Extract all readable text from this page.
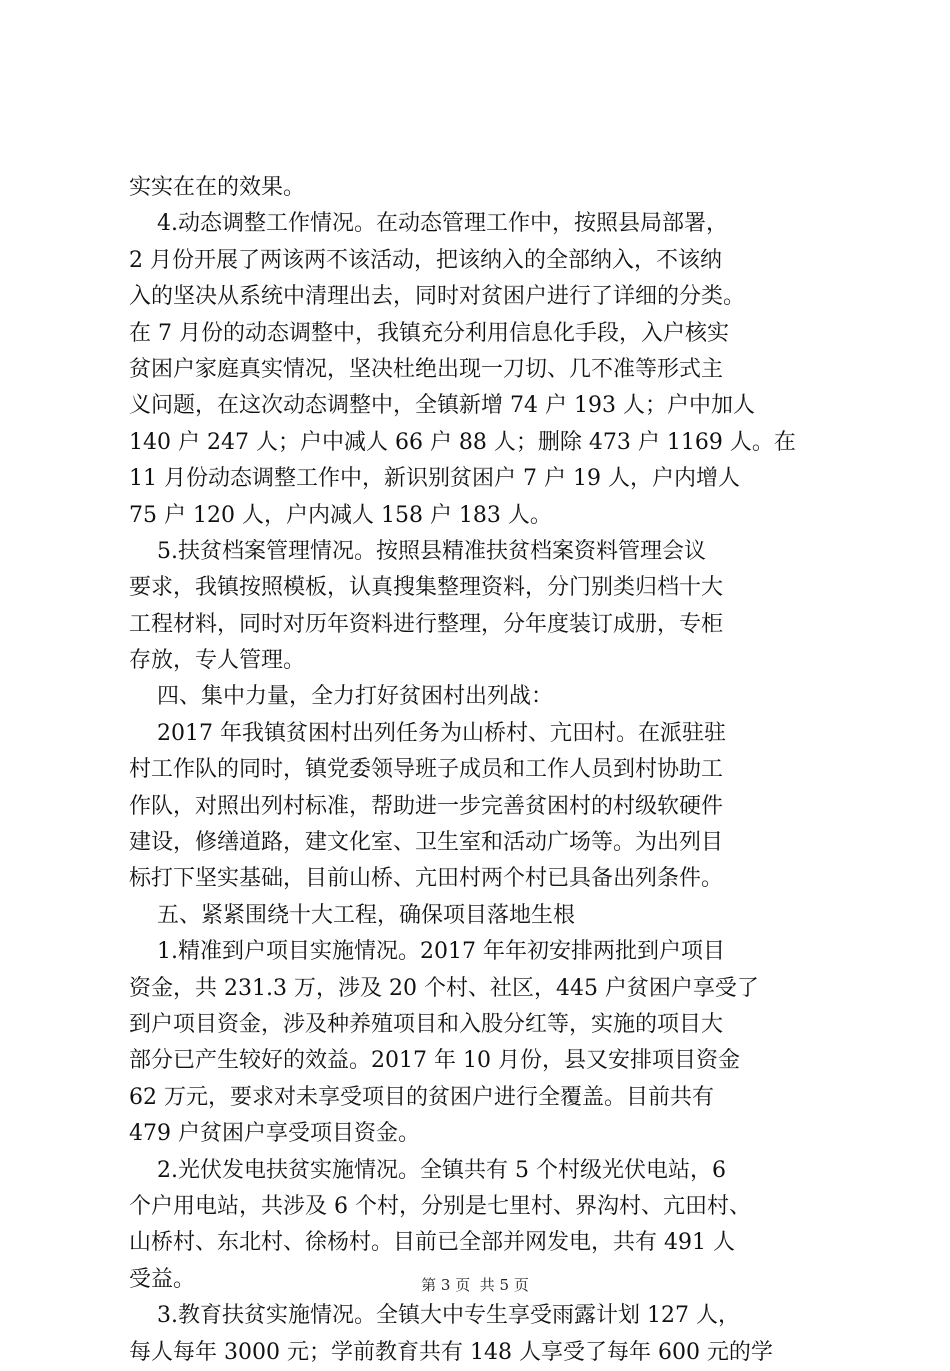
实实在在的效果。
4.动态调整工作情况。在动态管理工作中，按照县局部署，
2 月份开展了两该两不该活动，把该纳入的全部纳入，不该纳
入的坚决从系统中清理出去，同时对贫困户进行了详细的分类。
在 7 月份的动态调整中，我镇充分利用信息化手段，入户核实
贫困户家庭真实情况，坚决杜绝出现一刀切、几不准等形式主
义问题，在这次动态调整中，全镇新增 74 户 193 人；户中加人
140 户 247 人；户中减人 66 户 88 人；删除 473 户 1169 人。在
11 月份动态调整工作中，新识别贫困户 7 户 19 人，户内增人
75 户 120 人，户内减人 158 户 183 人。
5.扶贫档案管理情况。按照县精准扶贫档案资料管理会议
要求，我镇按照模板，认真搜集整理资料，分门别类归档十大
工程材料，同时对历年资料进行整理，分年度装订成册，专柜
存放，专人管理。
四、集中力量，全力打好贫困村出列战：
2017 年我镇贫困村出列任务为山桥村、亢田村。在派驻驻
村工作队的同时，镇党委领导班子成员和工作人员到村协助工
作队，对照出列村标准，帮助进一步完善贫困村的村级软硬件
建设，修缮道路，建文化室、卫生室和活动广场等。为出列目
标打下坚实基础，目前山桥、亢田村两个村已具备出列条件。
五、紧紧围绕十大工程，确保项目落地生根
1.精准到户项目实施情况。2017 年年初安排两批到户项目
资金，共 231.3 万，涉及 20 个村、社区，445 户贫困户享受了
到户项目资金，涉及种养殖项目和入股分红等，实施的项目大
部分已产生较好的效益。2017 年 10 月份，县又安排项目资金
62 万元，要求对未享受项目的贫困户进行全覆盖。目前共有
479 户贫困户享受项目资金。
2.光伏发电扶贫实施情况。全镇共有 5 个村级光伏电站，6
个户用电站，共涉及 6 个村，分别是七里村、界沟村、亢田村、
山桥村、东北村、徐杨村。目前已全部并网发电，共有 491 人
受益。
3.教育扶贫实施情况。全镇大中专生享受雨露计划 127 人，
每人每年 3000 元；学前教育共有 148 人享受了每年 600 元的学
第 3 页  共 5 页
